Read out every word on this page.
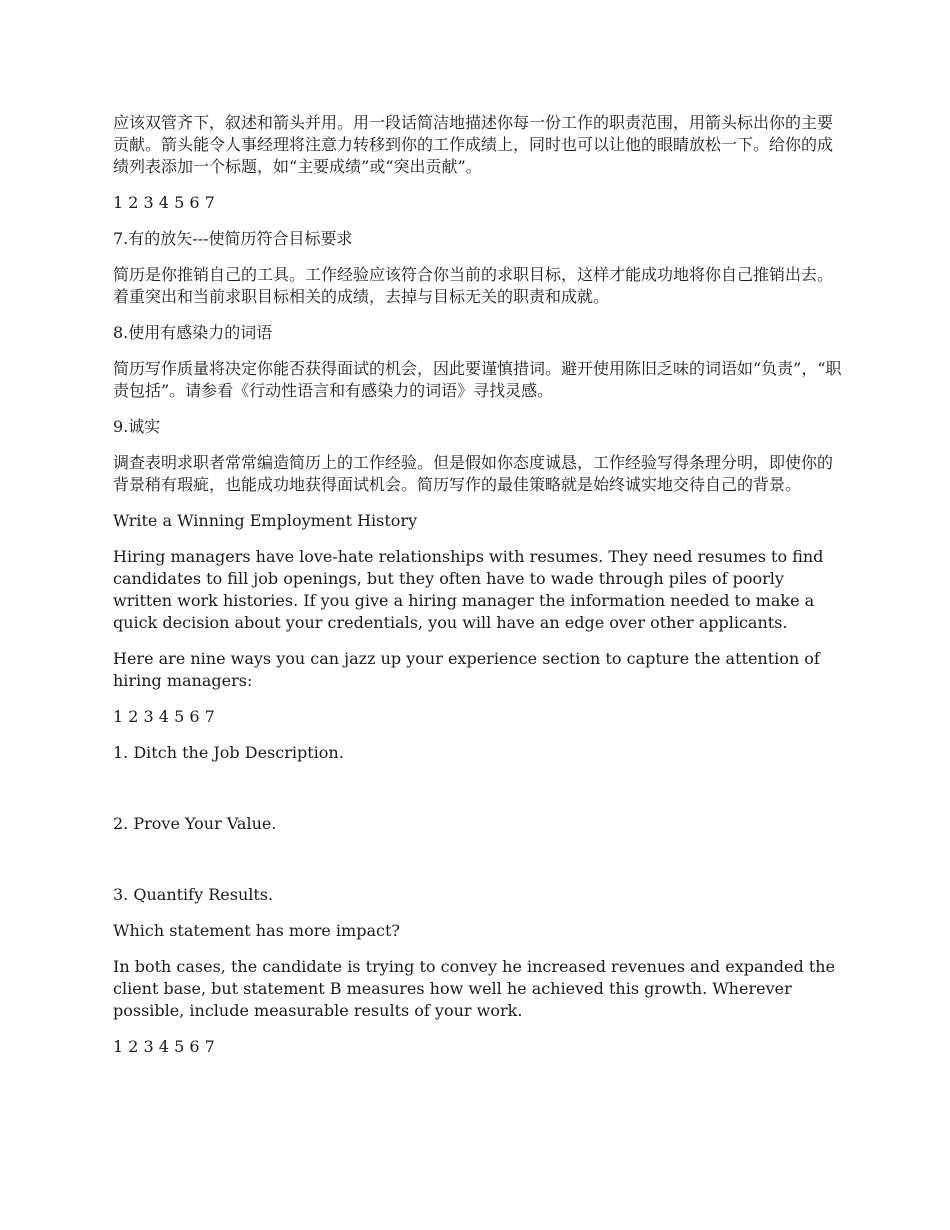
应该双管齐下，叙述和箭头并用。用一段话简洁地描述你每一份工作的职责范围，用箭头标出你的主要贡献。箭头能令人事经理将注意力转移到你的工作成绩上，同时也可以让他的眼睛放松一下。给你的成绩列表添加一个标题，如“主要成绩”或“突出贡献”。

1 2 3 4 5 6 7

7.有的放矢---使简历符合目标要求

简历是你推销自己的工具。工作经验应该符合你当前的求职目标，这样才能成功地将你自己推销出去。着重突出和当前求职目标相关的成绩，去掉与目标无关的职责和成就。

8.使用有感染力的词语

简历写作质量将决定你能否获得面试的机会，因此要谨慎措词。避开使用陈旧乏味的词语如“负责”，“职责包括”。请参看《行动性语言和有感染力的词语》寻找灵感。

9.诚实

调查表明求职者常常编造简历上的工作经验。但是假如你态度诚恳，工作经验写得条理分明，即使你的背景稍有瑕疵，也能成功地获得面试机会。简历写作的最佳策略就是始终诚实地交待自己的背景。

Write a Winning Employment History

Hiring managers have love-hate relationships with resumes. They need resumes to find candidates to fill job openings, but they often have to wade through piles of poorly written work histories. If you give a hiring manager the information needed to make a quick decision about your credentials, you will have an edge over other applicants.

Here are nine ways you can jazz up your experience section to capture the attention of hiring managers:

1 2 3 4 5 6 7

1. Ditch the Job Description.

2. Prove Your Value.

3. Quantify Results.

Which statement has more impact?

In both cases, the candidate is trying to convey he increased revenues and expanded the client base, but statement B measures how well he achieved this growth. Wherever possible, include measurable results of your work.

1 2 3 4 5 6 7
